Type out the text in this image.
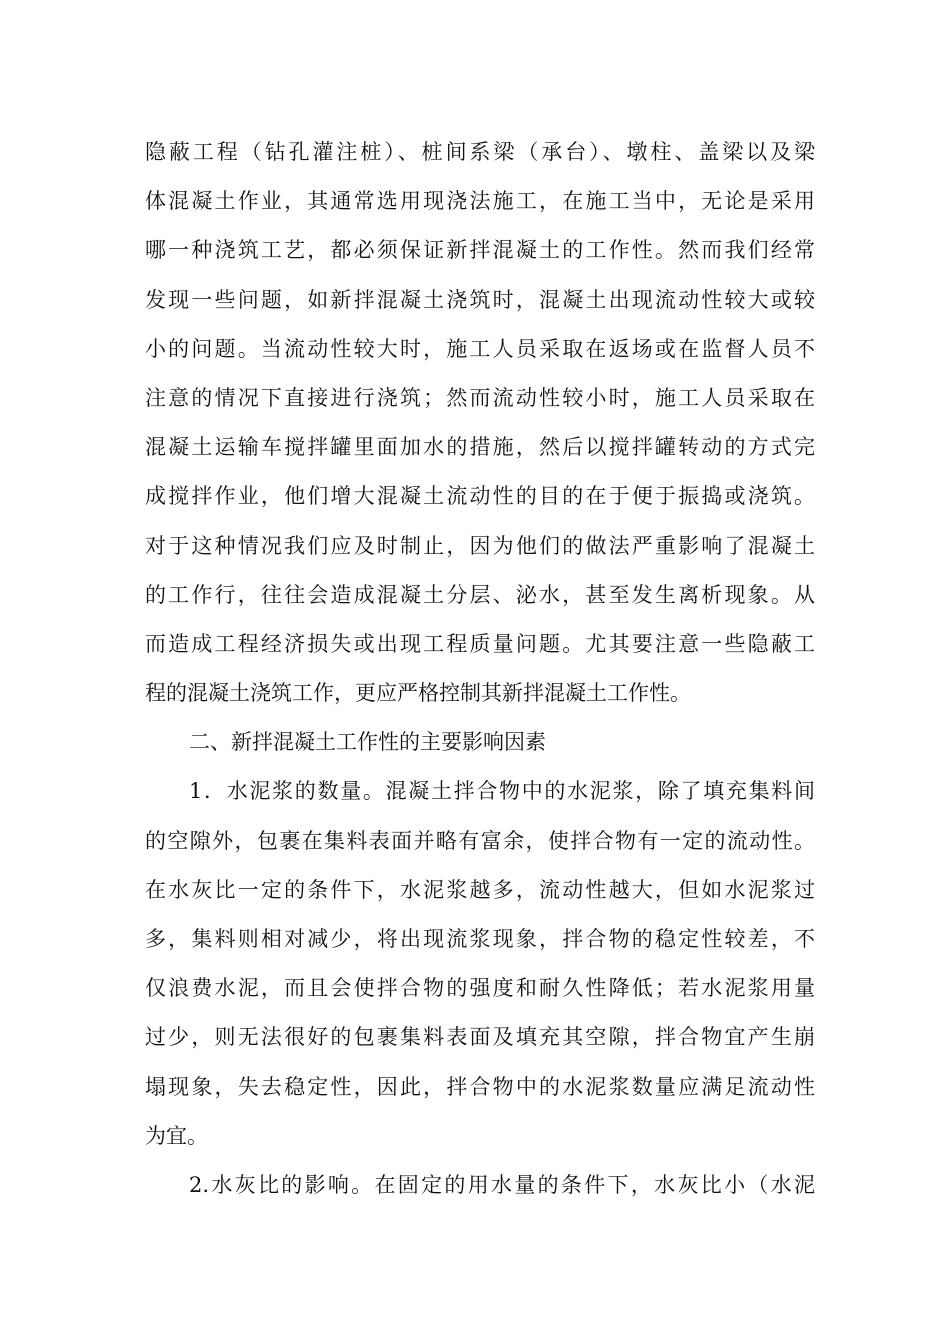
隐蔽工程（钻孔灌注桩）、桩间系梁（承台）、墩柱、盖梁以及梁
体混凝土作业，其通常选用现浇法施工，在施工当中，无论是采用
哪一种浇筑工艺，都必须保证新拌混凝土的工作性。然而我们经常
发现一些问题，如新拌混凝土浇筑时，混凝土出现流动性较大或较
小的问题。当流动性较大时，施工人员采取在返场或在监督人员不
注意的情况下直接进行浇筑；然而流动性较小时，施工人员采取在
混凝土运输车搅拌罐里面加水的措施，然后以搅拌罐转动的方式完
成搅拌作业，他们增大混凝土流动性的目的在于便于振捣或浇筑。
对于这种情况我们应及时制止，因为他们的做法严重影响了混凝土
的工作行，往往会造成混凝土分层、泌水，甚至发生离析现象。从
而造成工程经济损失或出现工程质量问题。尤其要注意一些隐蔽工
程的混凝土浇筑工作，更应严格控制其新拌混凝土工作性。
二、新拌混凝土工作性的主要影响因素
1．水泥浆的数量。混凝土拌合物中的水泥浆，除了填充集料间
的空隙外，包裹在集料表面并略有富余，使拌合物有一定的流动性。
在水灰比一定的条件下，水泥浆越多，流动性越大，但如水泥浆过
多，集料则相对减少，将出现流浆现象，拌合物的稳定性较差，不
仅浪费水泥，而且会使拌合物的强度和耐久性降低；若水泥浆用量
过少，则无法很好的包裹集料表面及填充其空隙，拌合物宜产生崩
塌现象，失去稳定性，因此，拌合物中的水泥浆数量应满足流动性
为宜。
2.水灰比的影响。在固定的用水量的条件下，水灰比小（水泥
